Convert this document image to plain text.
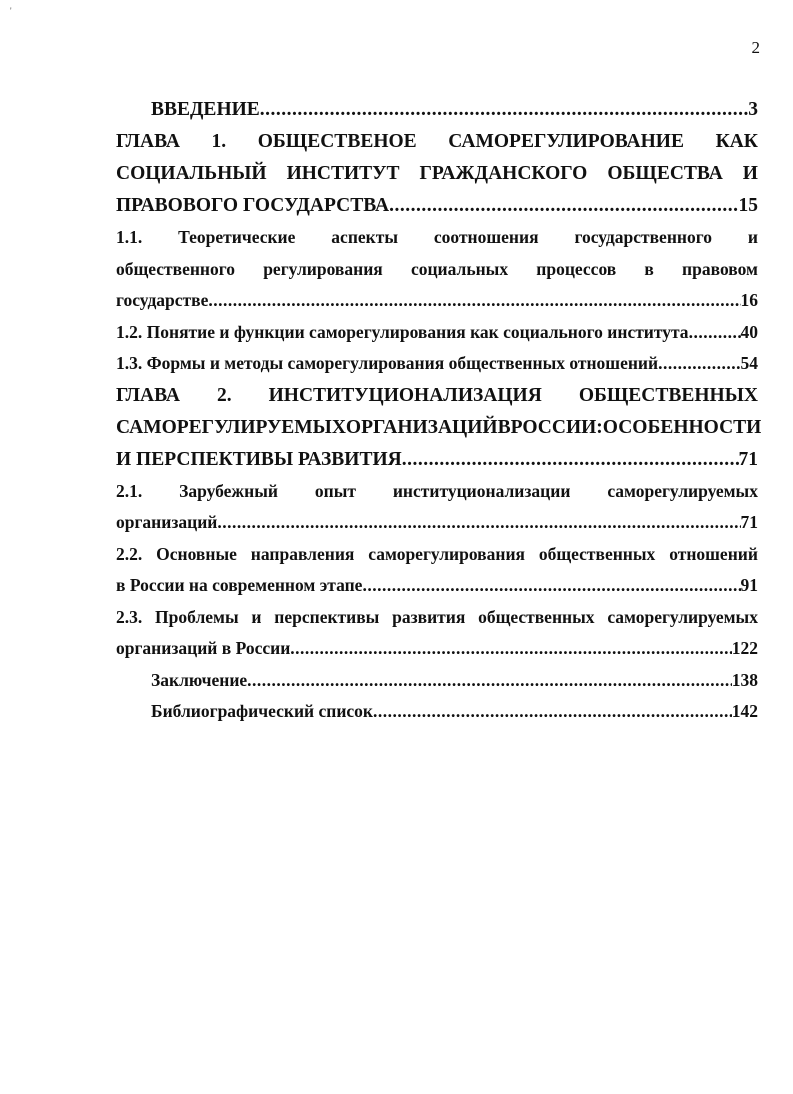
'
2
ВВЕДЕНИЕ .....	3
ГЛАВА 1. ОБЩЕСТВЕНОЕ САМОРЕГУЛИРОВАНИЕ КАК
СОЦИАЛЬНЫЙ ИНСТИТУТ ГРАЖДАНСКОГО ОБЩЕСТВА И
ПРАВОВОГО ГОСУДАРСТВА .....	15
1.1. Теоретические аспекты соотношения государственного и
общественного регулирования социальных процессов в правовом
государстве .....	16
1.2. Понятие и функции саморегулирования как социального института .....	40
1.3. Формы и методы саморегулирования общественных отношений .....	54
ГЛАВА 2. ИНСТИТУЦИОНАЛИЗАЦИЯ ОБЩЕСТВЕННЫХ
САМОРЕГУЛИРУЕМЫХ ОРГАНИЗАЦИЙ В РОССИИ: ОСОБЕННОСТИ
И ПЕРСПЕКТИВЫ РАЗВИТИЯ .....	71
2.1. Зарубежный опыт институционализации саморегулируемых
организаций .....	71
2.2. Основные направления саморегулирования общественных отношений
в России на современном этапе .....	91
2.3. Проблемы и перспективы развития общественных саморегулируемых
организаций в России .....	122
Заключение .....	138
Библиографический список .....	142
